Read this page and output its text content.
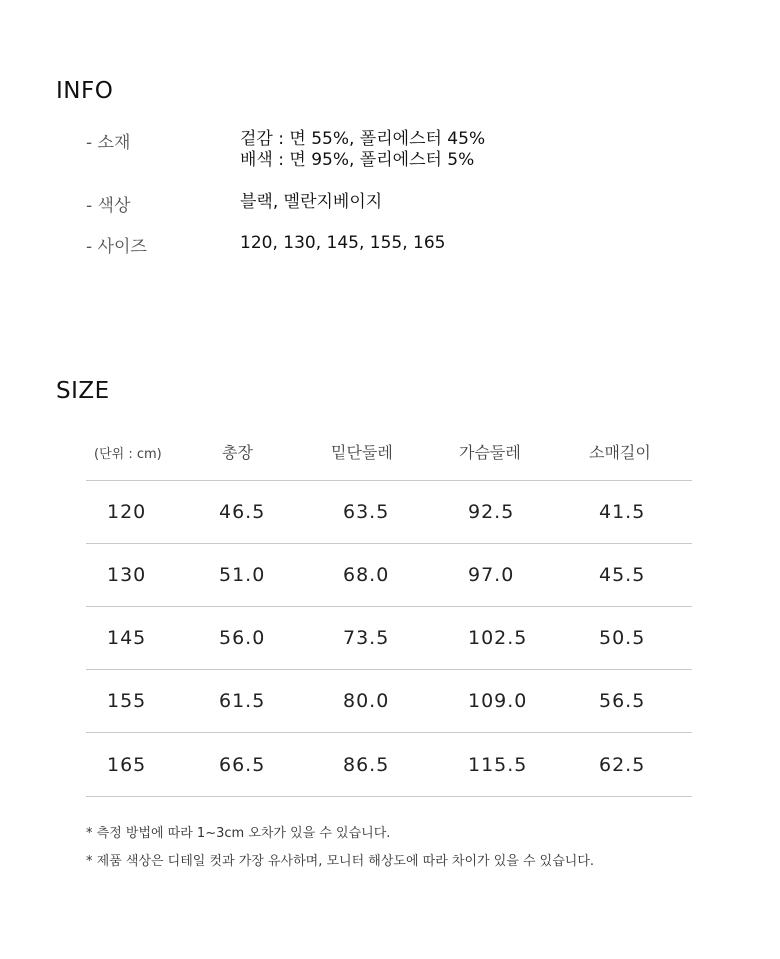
INFO
- 소재	겉감 : 면 55%, 폴리에스터 45%
배색 : 면 95%, 폴리에스터 5%
- 색상	블랙, 멜란지베이지
- 사이즈	120, 130, 145, 155, 165
SIZE
(단위 : cm)	총장	밑단둘레	가슴둘레	소매길이
120	46.5	63.5	92.5	41.5
130	51.0	68.0	97.0	45.5
145	56.0	73.5	102.5	50.5
155	61.5	80.0	109.0	56.5
165	66.5	86.5	115.5	62.5
* 측정 방법에 따라 1~3cm 오차가 있을 수 있습니다.
* 제품 색상은 디테일 컷과 가장 유사하며, 모니터 해상도에 따라 차이가 있을 수 있습니다.
